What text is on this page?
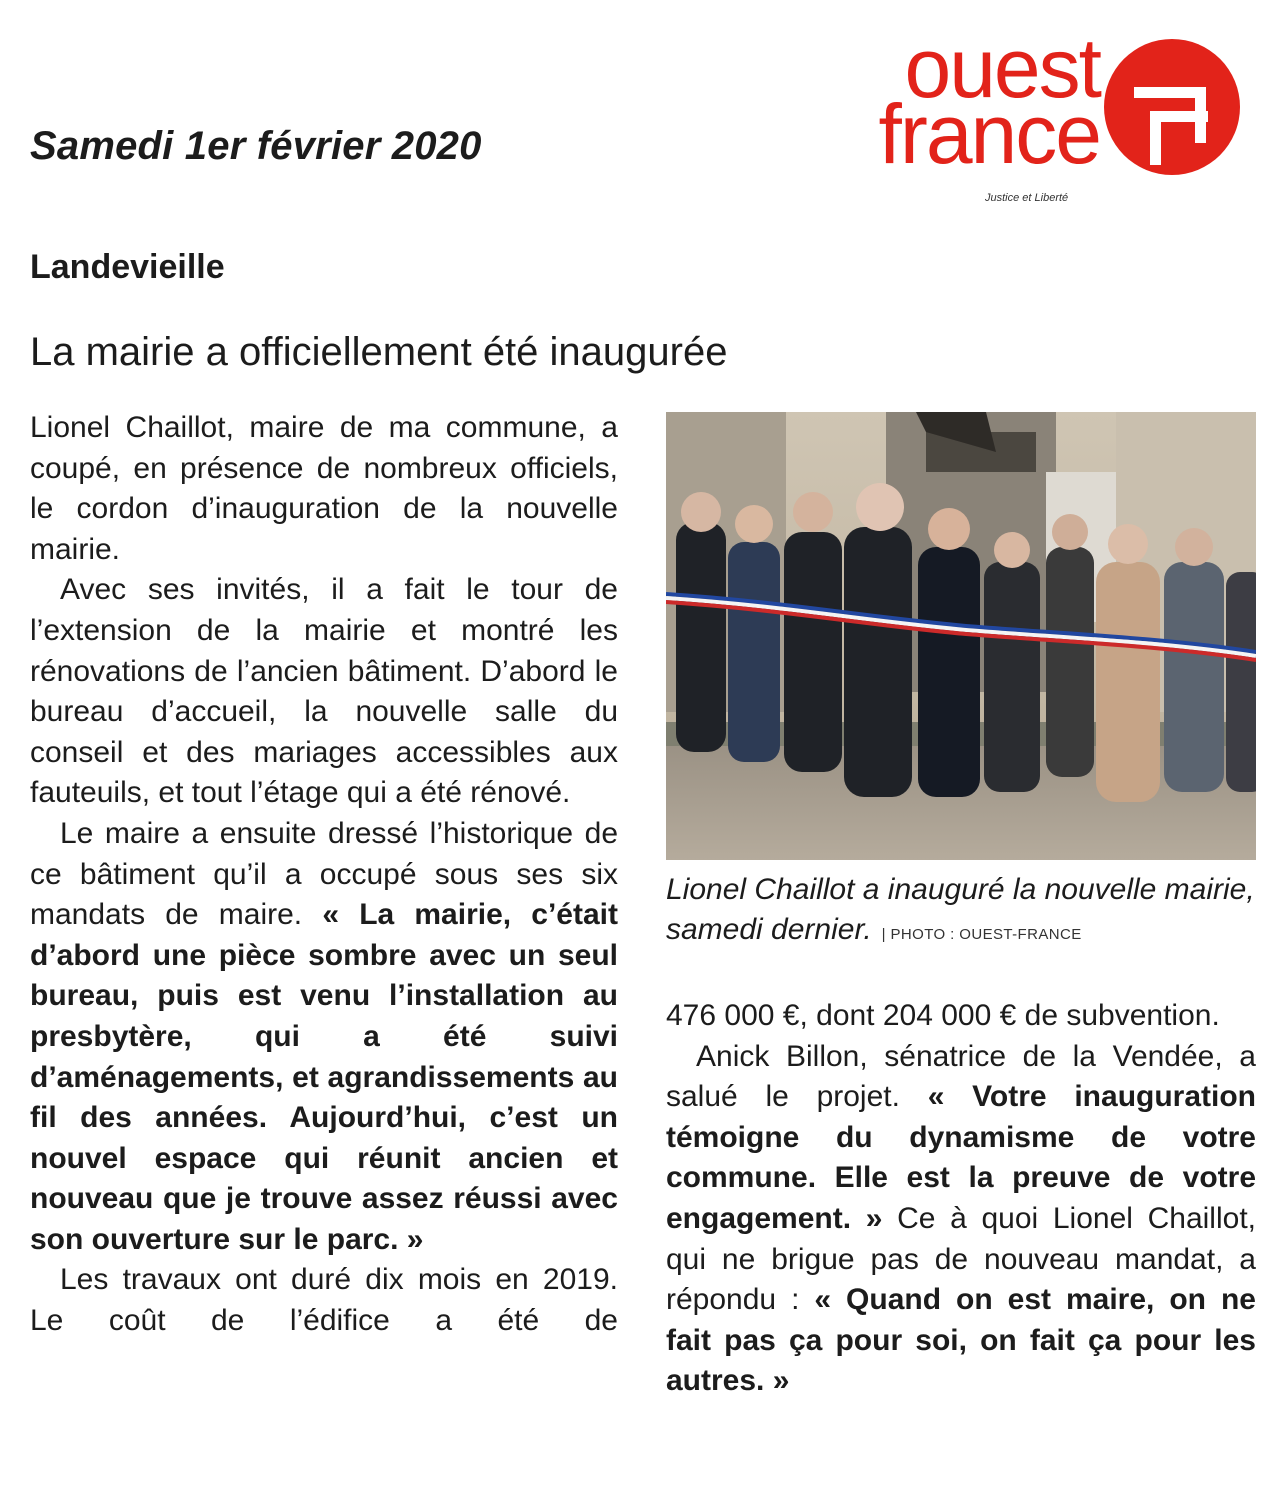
Samedi 1er février 2020
ouest
france
Justice et Liberté
Landevieille
La mairie a officiellement été inaugurée

Lionel Chaillot, maire de ma commune, a coupé, en présence de nombreux officiels, le cordon d’inauguration de la nouvelle mairie.

Avec ses invités, il a fait le tour de l’extension de la mairie et montré les rénovations de l’ancien bâtiment. D’abord le bureau d’accueil, la nouvelle salle du conseil et des mariages accessibles aux fauteuils, et tout l’étage qui a été rénové.

Le maire a ensuite dressé l’historique de ce bâtiment qu’il a occupé sous ses six mandats de maire. « La mairie, c’était d’abord une pièce sombre avec un seul bureau, puis est venu l’installation au presbytère, qui a été suivi d’aménagements, et agrandissements au fil des années. Aujourd’hui, c’est un nouvel espace qui réunit ancien et nouveau que je trouve assez réussi avec son ouverture sur le parc. »

Les travaux ont duré dix mois en 2019. Le coût de l’édifice a été de

Lionel Chaillot a inauguré la nouvelle mairie, samedi dernier. | PHOTO : OUEST-FRANCE

476 000 €, dont 204 000 € de subvention.

Anick Billon, sénatrice de la Vendée, a salué le projet. « Votre inauguration témoigne du dynamisme de votre commune. Elle est la preuve de votre engagement. » Ce à quoi Lionel Chaillot, qui ne brigue pas de nouveau mandat, a répondu : « Quand on est maire, on ne fait pas ça pour soi, on fait ça pour les autres. »
